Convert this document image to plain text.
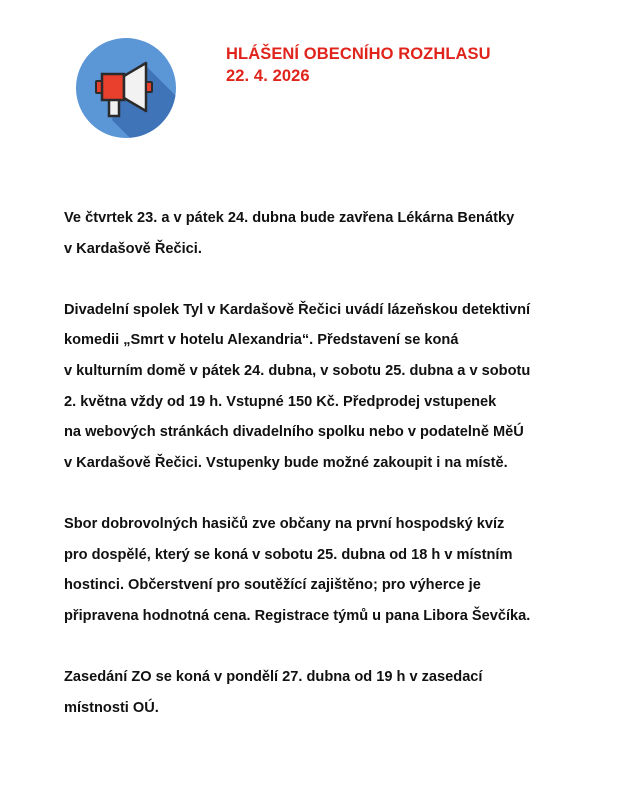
HLÁŠENÍ OBECNÍHO ROZHLASU
22. 4. 2026
Ve čtvrtek 23. a v pátek 24. dubna bude zavřena Lékárna Benátky
v Kardašově Řečici.
Divadelní spolek Tyl v Kardašově Řečici uvádí lázeňskou detektivní
komedii „Smrt v hotelu Alexandria“. Představení se koná
v kulturním domě v pátek 24. dubna, v sobotu 25. dubna a v sobotu
2. května vždy od 19 h. Vstupné 150 Kč. Předprodej vstupenek
na webových stránkách divadelního spolku nebo v podatelně MěÚ
v Kardašově Řečici. Vstupenky bude možné zakoupit i na místě.
Sbor dobrovolných hasičů zve občany na první hospodský kvíz
pro dospělé, který se koná v sobotu 25. dubna od 18 h v místním
hostinci. Občerstvení pro soutěžící zajištěno; pro výherce je
připravena hodnotná cena. Registrace týmů u pana Libora Ševčíka.
Zasedání ZO se koná v pondělí 27. dubna od 19 h v zasedací
místnosti OÚ.
